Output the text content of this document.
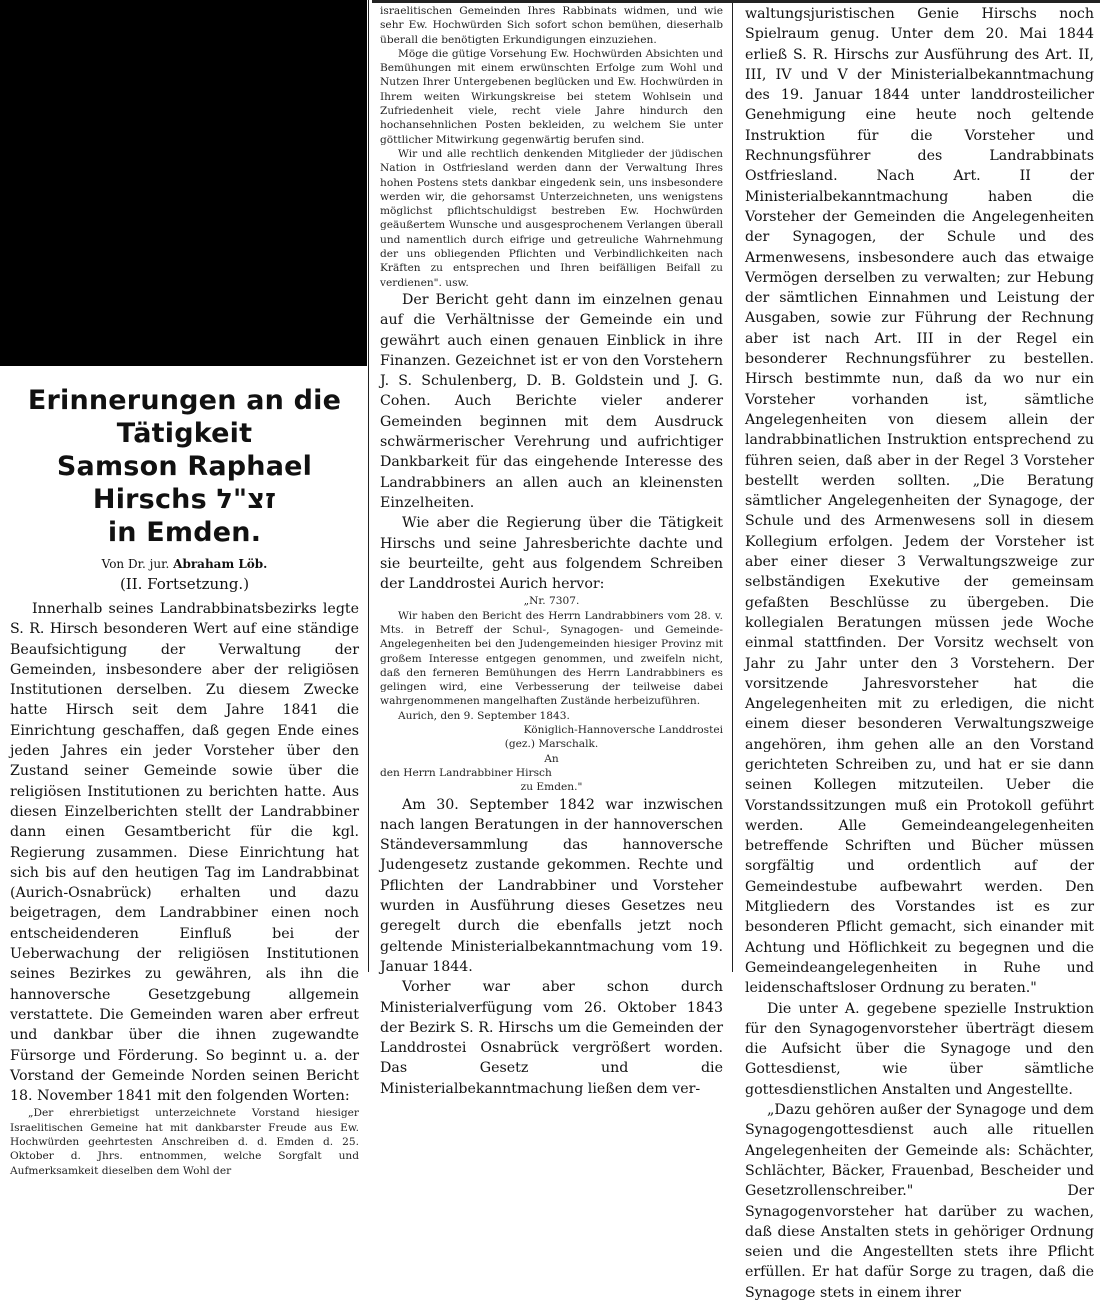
Erinnerungen an die Tätigkeit
Samson Raphael Hirschs זצ"ל
in Emden.
Von Dr. jur. Abraham Löb.
(II. Fortsetzung.)

Innerhalb seines Landrabbinatsbezirks legte S. R. Hirsch besonderen Wert auf eine ständige Beaufsichtigung der Verwaltung der Gemeinden, insbesondere aber der religiösen Institutionen derselben. Zu diesem Zwecke hatte Hirsch seit dem Jahre 1841 die Einrichtung geschaffen, daß gegen Ende eines jeden Jahres ein jeder Vorsteher über den Zustand seiner Gemeinde sowie über die religiösen Institutionen zu berichten hatte. Aus diesen Einzelberichten stellt der Landrabbiner dann einen Gesamtbericht für die kgl. Regierung zusammen. Diese Einrichtung hat sich bis auf den heutigen Tag im Landrabbinat (Aurich-Osnabrück) erhalten und dazu beigetragen, dem Landrabbiner einen noch entscheidenderen Einfluß bei der Ueberwachung der religiösen Institutionen seines Bezirkes zu gewähren, als ihn die hannoversche Gesetzgebung allgemein verstattete. Die Gemeinden waren aber erfreut und dankbar über die ihnen zugewandte Fürsorge und Förderung. So beginnt u. a. der Vorstand der Gemeinde Norden seinen Bericht 18. November 1841 mit den folgenden Worten:

„Der ehrerbietigst unterzeichnete Vorstand hiesiger Israelitischen Gemeine hat mit dankbarster Freude aus Ew. Hochwürden geehrtesten Anschreiben d. d. Emden d. 25. Oktober d. Jhrs. entnommen, welche Sorgfalt und Aufmerksamkeit dieselben dem Wohl der

israelitischen Gemeinden Ihres Rabbinats widmen, und wie sehr Ew. Hochwürden Sich sofort schon bemühen, dieserhalb überall die benötigten Erkundigungen einzuziehen.

Möge die gütige Vorsehung Ew. Hochwürden Absichten und Bemühungen mit einem erwünschten Erfolge zum Wohl und Nutzen Ihrer Untergebenen beglücken und Ew. Hochwürden in Ihrem weiten Wirkungskreise bei stetem Wohlsein und Zufriedenheit viele, recht viele Jahre hindurch den hochansehnlichen Posten bekleiden, zu welchem Sie unter göttlicher Mitwirkung gegenwärtig berufen sind.

Wir und alle rechtlich denkenden Mitglieder der jüdischen Nation in Ostfriesland werden dann der Verwaltung Ihres hohen Postens stets dankbar eingedenk sein, uns insbesondere werden wir, die gehorsamst Unterzeichneten, uns wenigstens möglichst pflichtschuldigst bestreben Ew. Hochwürden geäußertem Wunsche und ausgesprochenem Verlangen überall und namentlich durch eifrige und getreuliche Wahrnehmung der uns obliegenden Pflichten und Verbindlichkeiten nach Kräften zu entsprechen und Ihren beifälligen Beifall zu verdienen". usw.

Der Bericht geht dann im einzelnen genau auf die Verhältnisse der Gemeinde ein und gewährt auch einen genauen Einblick in ihre Finanzen. Gezeichnet ist er von den Vorstehern J. S. Schulenberg, D. B. Goldstein und J. G. Cohen. Auch Berichte vieler anderer Gemeinden beginnen mit dem Ausdruck schwärmerischer Verehrung und aufrichtiger Dankbarkeit für das eingehende Interesse des Landrabbiners an allen auch an kleinensten Einzelheiten.

Wie aber die Regierung über die Tätigkeit Hirschs und seine Jahresberichte dachte und sie beurteilte, geht aus folgendem Schreiben der Landdrostei Aurich hervor:

„Nr. 7307.

Wir haben den Bericht des Herrn Landrabbiners vom 28. v. Mts. in Betreff der Schul-, Synagogen- und Gemeinde-Angelegenheiten bei den Judengemeinden hiesiger Provinz mit großem Interesse entgegen genommen, und zweifeln nicht, daß den ferneren Bemühungen des Herrn Landrabbiners es gelingen wird, eine Verbesserung der teilweise dabei wahrgenommenen mangelhaften Zustände herbeizuführen.

Aurich, den 9. September 1843.

Königlich-Hannoversche Landdrostei

(gez.) Marschalk.

An

den Herrn Landrabbiner Hirsch

zu Emden."

Am 30. September 1842 war inzwischen nach langen Beratungen in der hannoverschen Ständeversammlung das hannoversche Judengesetz zustande gekommen. Rechte und Pflichten der Landrabbiner und Vorsteher wurden in Ausführung dieses Gesetzes neu geregelt durch die ebenfalls jetzt noch geltende Ministerialbekanntmachung vom 19. Januar 1844.

Vorher war aber schon durch Ministerialverfügung vom 26. Oktober 1843 der Bezirk S. R. Hirschs um die Gemeinden der Landdrostei Osnabrück vergrößert worden. Das Gesetz und die Ministerialbekanntmachung ließen dem ver-

waltungsjuristischen Genie Hirschs noch Spielraum genug. Unter dem 20. Mai 1844 erließ S. R. Hirschs zur Ausführung des Art. II, III, IV und V der Ministerialbekanntmachung des 19. Januar 1844 unter landdrosteilicher Genehmigung eine heute noch geltende Instruktion für die Vorsteher und Rechnungsführer des Landrabbinats Ostfriesland. Nach Art. II der Ministerialbekanntmachung haben die Vorsteher der Gemeinden die Angelegenheiten der Synagogen, der Schule und des Armenwesens, insbesondere auch das etwaige Vermögen derselben zu verwalten; zur Hebung der sämtlichen Einnahmen und Leistung der Ausgaben, sowie zur Führung der Rechnung aber ist nach Art. III in der Regel ein besonderer Rechnungsführer zu bestellen. Hirsch bestimmte nun, daß da wo nur ein Vorsteher vorhanden ist, sämtliche Angelegenheiten von diesem allein der landrabbinatlichen Instruktion entsprechend zu führen seien, daß aber in der Regel 3 Vorsteher bestellt werden sollten. „Die Beratung sämtlicher Angelegenheiten der Synagoge, der Schule und des Armenwesens soll in diesem Kollegium erfolgen. Jedem der Vorsteher ist aber einer dieser 3 Verwaltungszweige zur selbständigen Exekutive der gemeinsam gefaßten Beschlüsse zu übergeben. Die kollegialen Beratungen müssen jede Woche einmal stattfinden. Der Vorsitz wechselt von Jahr zu Jahr unter den 3 Vorstehern. Der vorsitzende Jahresvorsteher hat die Angelegenheiten mit zu erledigen, die nicht einem dieser besonderen Verwaltungszweige angehören, ihm gehen alle an den Vorstand gerichteten Schreiben zu, und hat er sie dann seinen Kollegen mitzuteilen. Ueber die Vorstandssitzungen muß ein Protokoll geführt werden. Alle Gemeindeangelegenheiten betreffende Schriften und Bücher müssen sorgfältig und ordentlich auf der Gemeindestube aufbewahrt werden. Den Mitgliedern des Vorstandes ist es zur besonderen Pflicht gemacht, sich einander mit Achtung und Höflichkeit zu begegnen und die Gemeindeangelegenheiten in Ruhe und leidenschaftsloser Ordnung zu beraten."

Die unter A. gegebene spezielle Instruktion für den Synagogenvorsteher überträgt diesem die Aufsicht über die Synagoge und den Gottesdienst, wie über sämtliche gottesdienstlichen Anstalten und Angestellte.

„Dazu gehören außer der Synagoge und dem Synagogengottesdienst auch alle rituellen Angelegenheiten der Gemeinde als: Schächter, Schlächter, Bäcker, Frauenbad, Bescheider und Gesetzrollenschreiber." Der Synagogenvorsteher hat darüber zu wachen, daß diese Anstalten stets in gehöriger Ordnung seien und die Angestellten stets ihre Pflicht erfüllen. Er hat dafür Sorge zu tragen, daß die Synagoge stets in einem ihrer
